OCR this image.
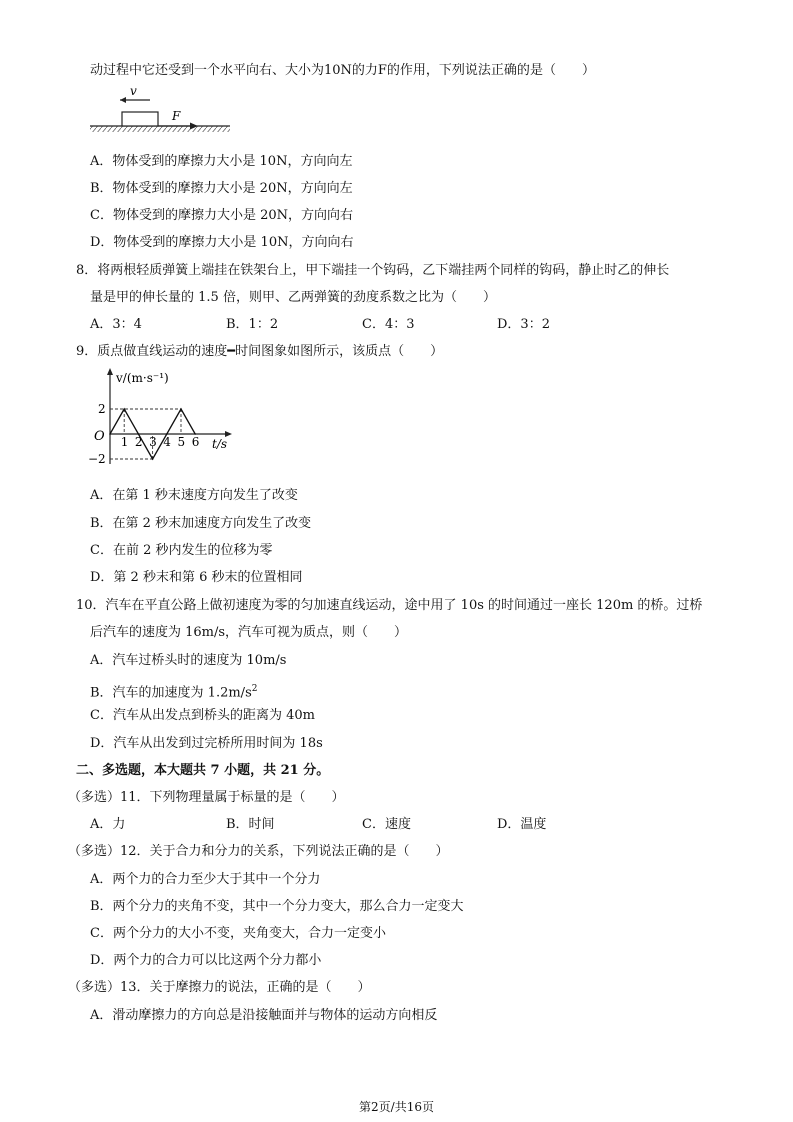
动过程中它还受到一个水平向右、大小为10N的力F的作用，下列说法正确的是（　　）
v
F
A．物体受到的摩擦力大小是 10N，方向向左
B．物体受到的摩擦力大小是 20N，方向向左
C．物体受到的摩擦力大小是 20N，方向向右
D．物体受到的摩擦力大小是 10N，方向向右
8．将两根轻质弹簧上端挂在铁架台上，甲下端挂一个钩码，乙下端挂两个同样的钩码，静止时乙的伸长
量是甲的伸长量的 1.5 倍，则甲、乙两弹簧的劲度系数之比为（　　）
A．3：4	B．1：2	C．4：3	D．3：2
9．质点做直线运动的速度━时间图象如图所示，该质点（　　）
v/(m·s⁻¹)
t/s
O 1 2 3 4 5 6
2
−2
A．在第 1 秒末速度方向发生了改变
B．在第 2 秒末加速度方向发生了改变
C．在前 2 秒内发生的位移为零
D．第 2 秒末和第 6 秒末的位置相同
10．汽车在平直公路上做初速度为零的匀加速直线运动，途中用了 10s 的时间通过一座长 120m 的桥。过桥
后汽车的速度为 16m/s，汽车可视为质点，则（　　）
A．汽车过桥头时的速度为 10m/s
B．汽车的加速度为 $1.2m/s^2$
C．汽车从出发点到桥头的距离为 40m
D．汽车从出发到过完桥所用时间为 18s
二、多选题，本大题共 7 小题，共 21 分。
（多选）11．下列物理量属于标量的是（　　）
A．力	B．时间	C．速度	D．温度
（多选）12．关于合力和分力的关系，下列说法正确的是（　　）
A．两个力的合力至少大于其中一个分力
B．两个分力的夹角不变，其中一个分力变大，那么合力一定变大
C．两个分力的大小不变，夹角变大，合力一定变小
D．两个力的合力可以比这两个分力都小
（多选）13．关于摩擦力的说法，正确的是（　　）
A．滑动摩擦力的方向总是沿接触面并与物体的运动方向相反
第2页/共16页
